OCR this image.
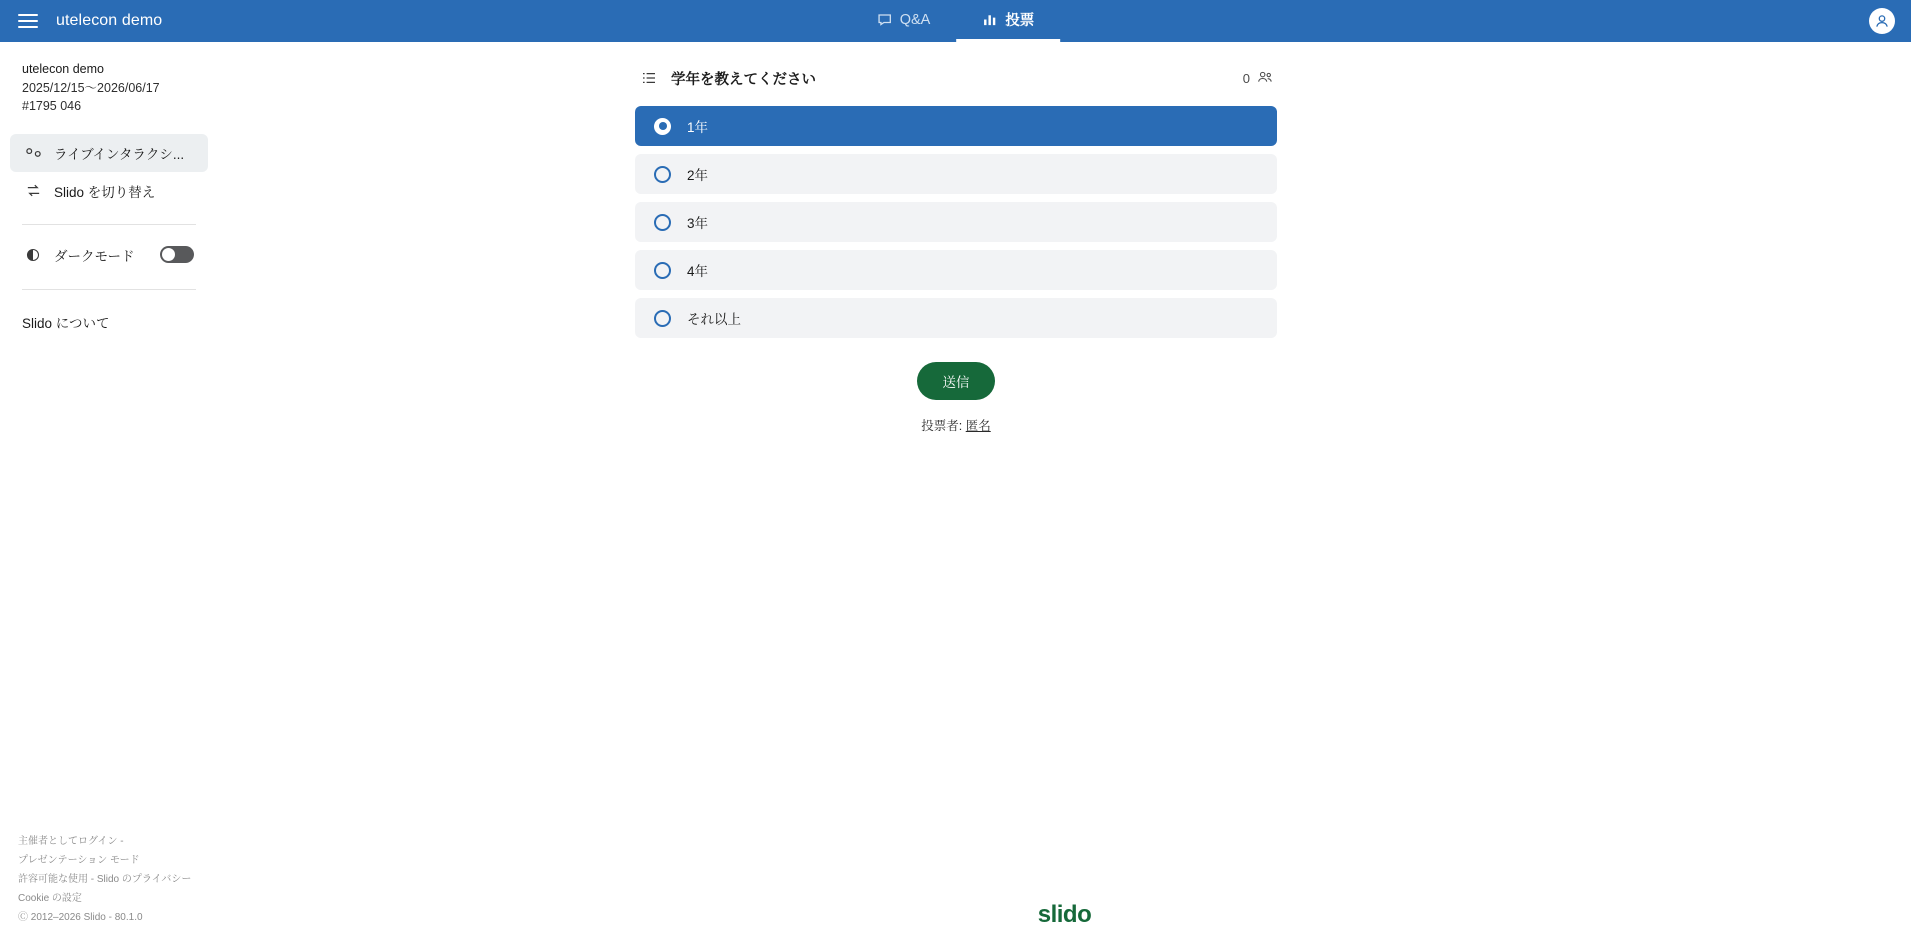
utelecon demo	Q&A	投票
utelecon demo
2025/12/15〜2026/06/17
#1795 046
ライブインタラクシ...
Slido を切り替え
ダークモード
Slido について
主催者としてログイン -
プレゼンテーション モード
許容可能な使用 - Slido のプライバシー
Cookie の設定
Ⓒ 2012–2026 Slido - 80.1.0
学年を教えてください	0
1年
2年
3年
4年
それ以上
送信
投票者: 匿名
slido
